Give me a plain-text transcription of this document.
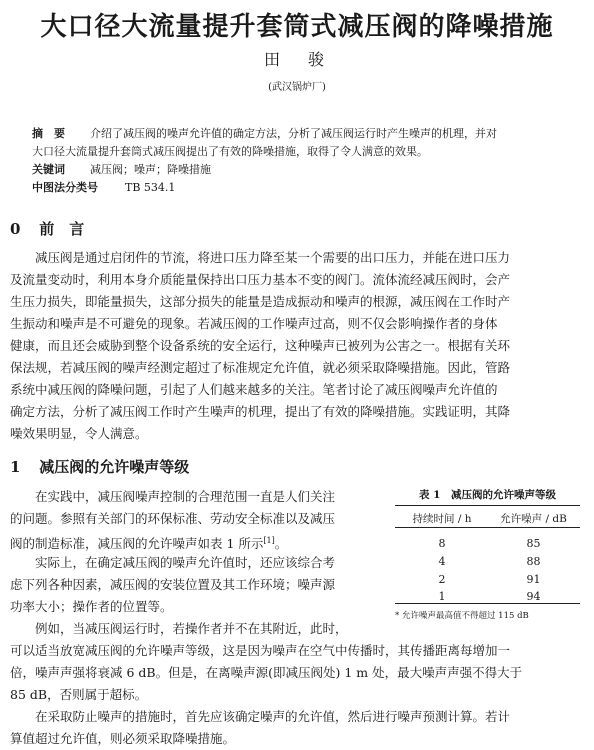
大口径大流量提升套筒式减压阀的降噪措施
田　骏
(武汉锅炉厂)
摘　要 介绍了减压阀的噪声允许值的确定方法，分析了减压阀运行时产生噪声的机理，并对
大口径大流量提升套筒式减压阀提出了有效的降噪措施，取得了令人满意的效果。
关键词 减压阀；噪声；降噪措施
中图法分类号 TB 534.1
0 前　言
　　减压阀是通过启闭件的节流，将进口压力降至某一个需要的出口压力，并能在进口压力
及流量变动时，利用本身介质能量保持出口压力基本不变的阀门。流体流经减压阀时，会产
生压力损失，即能量损失，这部分损失的能量是造成振动和噪声的根源，减压阀在工作时产
生振动和噪声是不可避免的现象。若减压阀的工作噪声过高，则不仅会影响操作者的身体
健康，而且还会威胁到整个设备系统的安全运行，这种噪声已被列为公害之一。根据有关环
保法规，若减压阀的噪声经测定超过了标准规定允许值，就必须采取降噪措施。因此，管路
系统中减压阀的降噪问题，引起了人们越来越多的关注。笔者讨论了减压阀噪声允许值的
确定方法，分析了减压阀工作时产生噪声的机理，提出了有效的降噪措施。实践证明，其降
噪效果明显，令人满意。
1 减压阀的允许噪声等级
　　在实践中，减压阀噪声控制的合理范围一直是人们关注
的问题。参照有关部门的环保标准、劳动安全标准以及减压
阀的制造标准，减压阀的允许噪声如表 1 所示[1]。
　　实际上，在确定减压阀的噪声允许值时，还应该综合考
虑下列各种因素，减压阀的安装位置及其工作环境；噪声源
功率大小；操作者的位置等。
　　例如，当减压阀运行时，若操作者并不在其附近，此时，
可以适当放宽减压阀的允许噪声等级，这是因为噪声在空气中传播时，其传播距离每增加一
倍，噪声声强将衰减 6 dB。但是，在离噪声源(即减压阀处) 1 m 处，最大噪声声强不得大于
85 dB，否则属于超标。
　　在采取防止噪声的措施时，首先应该确定噪声的允许值，然后进行噪声预测计算。若计
算值超过允许值，则必须采取降噪措施。
表 1　减压阀的允许噪声等级
持续时间 / h	允许噪声 / dB
8	85
4	88
2	91
1	94
* 允许噪声最高值不得超过 115 dB
